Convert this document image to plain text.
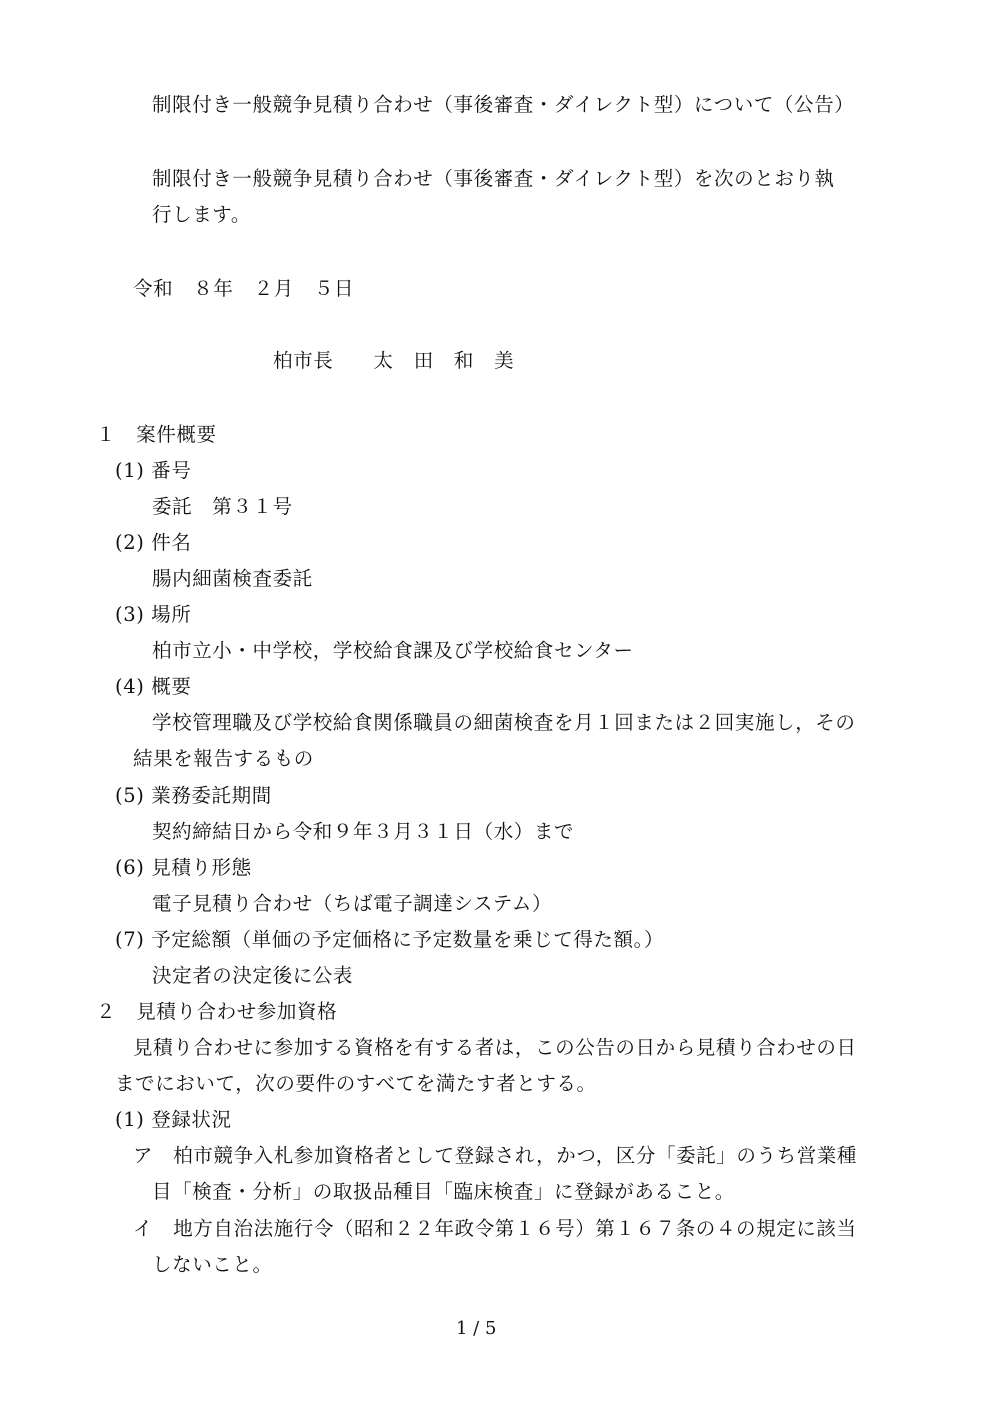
制限付き一般競争見積り合わせ（事後審査・ダイレクト型）について（公告）
制限付き一般競争見積り合わせ（事後審査・ダイレクト型）を次のとおり執
行します。
令和　８年　２月　５日
柏市長　　太　田　和　美
１　案件概要
(1) 番号
委託　第３１号
(2) 件名
腸内細菌検査委託
(3) 場所
柏市立小・中学校，学校給食課及び学校給食センター
(4) 概要
学校管理職及び学校給食関係職員の細菌検査を月１回または２回実施し，その
結果を報告するもの
(5) 業務委託期間
契約締結日から令和９年３月３１日（水）まで
(6) 見積り形態
電子見積り合わせ（ちば電子調達システム）
(7) 予定総額（単価の予定価格に予定数量を乗じて得た額。）
決定者の決定後に公表
２　見積り合わせ参加資格
見積り合わせに参加する資格を有する者は，この公告の日から見積り合わせの日
までにおいて，次の要件のすべてを満たす者とする。
(1) 登録状況
ア　柏市競争入札参加資格者として登録され，かつ，区分「委託」のうち営業種
目「検査・分析」の取扱品種目「臨床検査」に登録があること。
イ　地方自治法施行令（昭和２２年政令第１６号）第１６７条の４の規定に該当
しないこと。
1 / 5
